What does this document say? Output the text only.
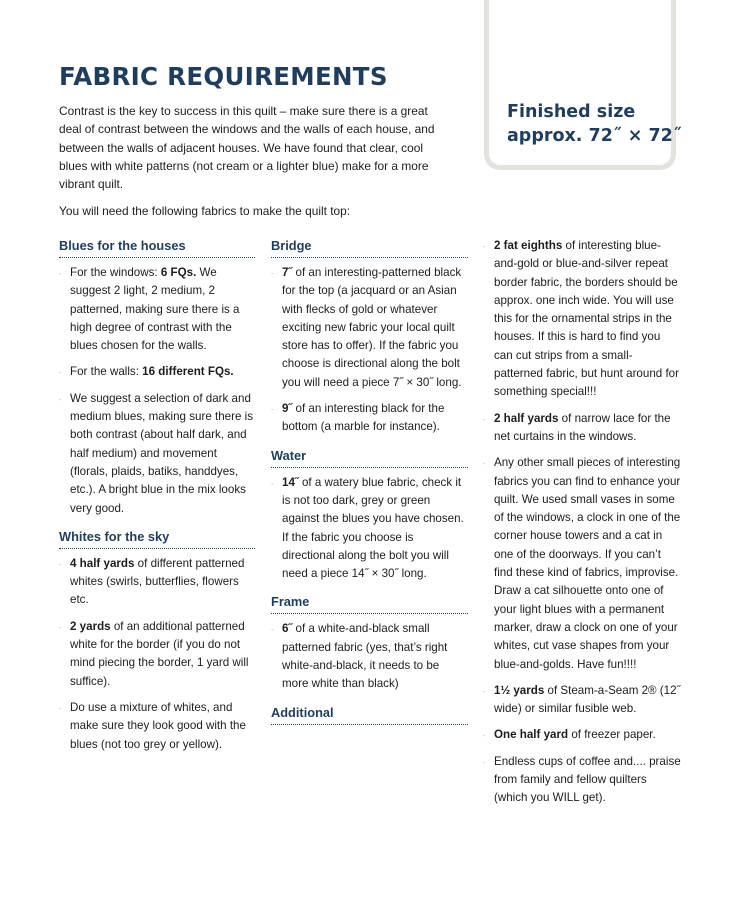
Finished size
approx. 72˝ × 72˝

FABRIC REQUIREMENTS

Contrast is the key to success in this quilt – make sure there is a great deal of contrast between the windows and the walls of each house, and between the walls of adjacent houses. We have found that clear, cool blues with white patterns (not cream or a lighter blue) make for a more vibrant quilt.

You will need the following fabrics to make the quilt top:

Blues for the houses
- For the windows: 6 FQs. We suggest 2 light, 2 medium, 2 patterned, making sure there is a high degree of contrast with the blues chosen for the walls.
- For the walls: 16 different FQs.
- We suggest a selection of dark and medium blues, making sure there is both contrast (about half dark, and half medium) and movement (florals, plaids, batiks, handdyes, etc.). A bright blue in the mix looks very good.
Whites for the sky
- 4 half yards of different patterned whites (swirls, butterflies, flowers etc.
- 2 yards of an additional patterned white for the border (if you do not mind piecing the border, 1 yard will suffice).
- Do use a mixture of whites, and make sure they look good with the blues (not too grey or yellow).
Bridge
- 7˝ of an interesting-patterned black for the top (a jacquard or an Asian with flecks of gold or whatever exciting new fabric your local quilt store has to offer). If the fabric you choose is directional along the bolt you will need a piece 7˝ × 30˝ long.
- 9˝ of an interesting black for the bottom (a marble for instance).
Water
- 14˝ of a watery blue fabric, check it is not too dark, grey or green against the blues you have chosen. If the fabric you choose is directional along the bolt you will need a piece 14˝ × 30˝ long.
Frame
- 6˝ of a white-and-black small patterned fabric (yes, that’s right white-and-black, it needs to be more white than black)
Additional
- 2 fat eighths of interesting blue-and-gold or blue-and-silver repeat border fabric, the borders should be approx. one inch wide. You will use this for the ornamental strips in the houses. If this is hard to find you can cut strips from a small-patterned fabric, but hunt around for something special!!!
- 2 half yards of narrow lace for the net curtains in the windows.
- Any other small pieces of interesting fabrics you can find to enhance your quilt. We used small vases in some of the windows, a clock in one of the corner house towers and a cat in one of the doorways. If you can’t find these kind of fabrics, improvise. Draw a cat silhouette onto one of your light blues with a permanent marker, draw a clock on one of your whites, cut vase shapes from your blue-and-golds. Have fun!!!!
- 1½ yards of Steam-a-Seam 2® (12˝ wide) or similar fusible web.
- One half yard of freezer paper.
- Endless cups of coffee and.... praise from family and fellow quilters (which you WILL get).
